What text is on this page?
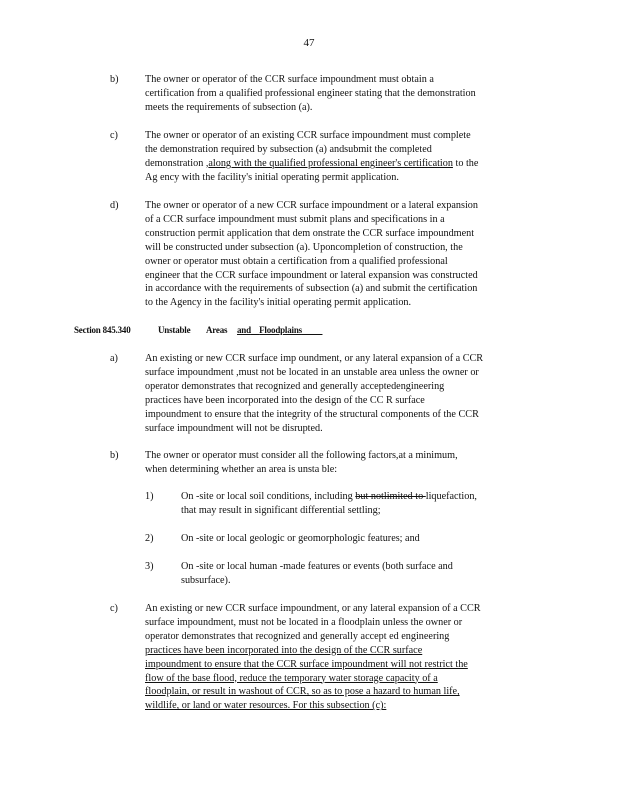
47
b)	The owner or operator of the CCR surface impoundment must obtain a
certification from a qualified professional engineer stating that the demonstration
meets the requirements of subsection (a).
c)	The owner or operator of an existing CCR surface impoundment must complete
the demonstration required by subsection (a) andsubmit the completed
demonstration ,along with the qualified professional engineer's certification to the
Ag ency with the facility's initial operating permit application.
d)	The owner or operator of a new CCR surface impoundment or a lateral expansion
of a CCR surface impoundment must submit plans and specifications in a
construction permit application that dem onstrate the CCR surface impoundment
will be constructed under subsection (a). Uponcompletion of construction, the
owner or operator must obtain a certification from a qualified professional
engineer that the CCR surface impoundment or lateral expansion was constructed
in accordance with the requirements of subsection (a) and submit the certification
to the Agency in the facility's initial operating permit application.
Section 845.340	Unstable Areas and Floodplains
a)	An existing or new CCR surface imp oundment, or any lateral expansion of a CCR
surface impoundment ,must not be located in an unstable area unless the owner or
operator demonstrates that recognized and generally acceptedengineering
practices have been incorporated into the design of the CC R surface
impoundment to ensure that the integrity of the structural components of the CCR
surface impoundment will not be disrupted.
b)	The owner or operator must consider all the following factors,at a minimum,
when determining whether an area is unsta ble:
1)	On -site or local soil conditions, including but notlimited to liquefaction,
that may result in significant differential settling;
2)	On -site or local geologic or geomorphologic features; and
3)	On -site or local human -made features or events (both surface and
subsurface).
c)	An existing or new CCR surface impoundment, or any lateral expansion of a CCR
surface impoundment, must not be located in a floodplain unless the owner or
operator demonstrates that recognized and generally accept ed engineering
practices have been incorporated into the design of the CCR surface
impoundment to ensure that the CCR surface impoundment will not restrict the
flow of the base flood, reduce the temporary water storage capacity of a
floodplain, or result in washout of CCR, so as to pose a hazard to human life,
wildlife, or land or water resources. For this subsection (c):
